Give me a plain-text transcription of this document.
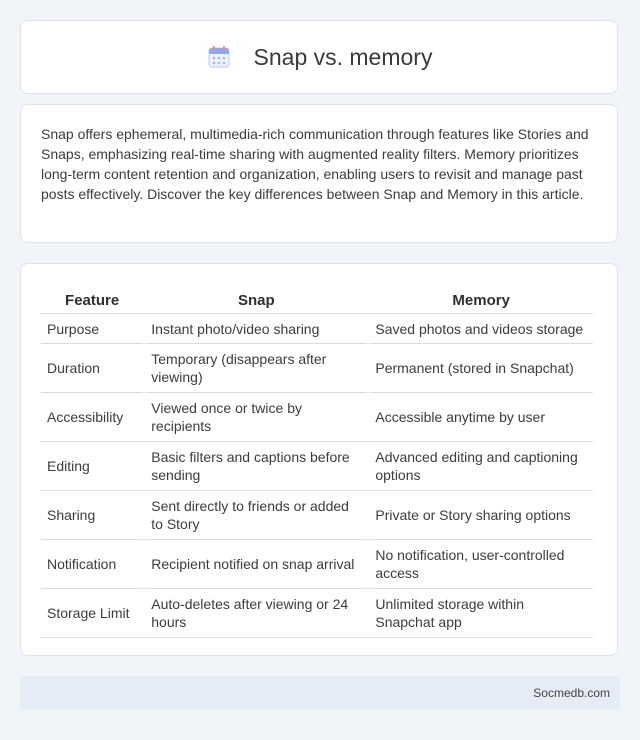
Snap vs. memory

Snap offers ephemeral, multimedia-rich communication through features like Stories and Snaps, emphasizing real-time sharing with augmented reality filters. Memory prioritizes long-term content retention and organization, enabling users to revisit and manage past posts effectively. Discover the key differences between Snap and Memory in this article.

Feature	Snap	Memory
Purpose	Instant photo/video sharing	Saved photos and videos storage
Duration	Temporary (disappears after viewing)	Permanent (stored in Snapchat)
Accessibility	Viewed once or twice by recipients	Accessible anytime by user
Editing	Basic filters and captions before sending	Advanced editing and captioning options
Sharing	Sent directly to friends or added to Story	Private or Story sharing options
Notification	Recipient notified on snap arrival	No notification, user-controlled access
Storage Limit	Auto-deletes after viewing or 24 hours	Unlimited storage within Snapchat app
Socmedb.com
